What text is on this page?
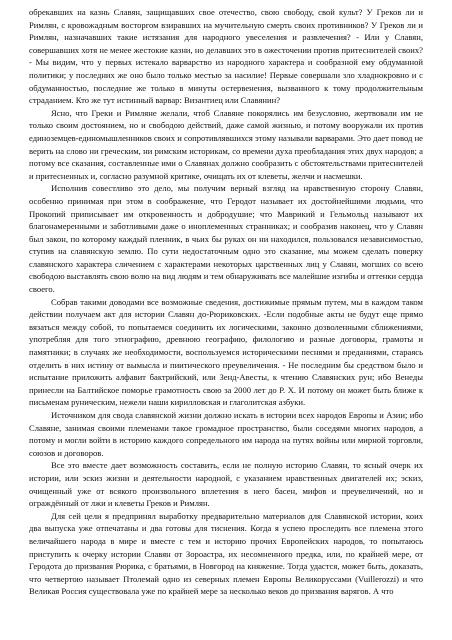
обрекавших на казнь Славян, защищавших свое отечество, свою свободу, свой культ? У Греков ли и Римлян, с кровожадным восторгом взиравших на мучительную смерть своих противников? У Греков ли и Римлян, назначавших такие истязания для народного увеселения и развлечения? - Или у Славян, совершавших хотя не менее жестокие казни, но делавших это в ожесточении против притеснителей своих? - Мы видим, что у первых истекало варварство из народного характера и сообразной ему обдуманной политики; у последних же оно было только местью за насилие! Первые совершали зло хладнокровно и с обдуманностью, последние же только в минуты остервенения, вызванного к тому продолжительным страданием. Кто же тут истинный варвар: Византиец или Славянин?

Ясно, что Греки и Римляне желали, чтоб Славяне покорялись им безусловно, жертвовали им не только своим достоянием, но и свободою действий, даже самой жизнью, и потому вооружали их против единоземцев-единомышленников своих и сопротивлявшихся этому называли варварами. Это дает повод не верить на слово ни греческим, ни римским историкам, со времени духа преобладания этих двух народов; а потому все сказания, составленные ими о Славянах должно сообразить с обстоятельствами притеснителей и притесненных и, согласно разумной критике, очищать их от клеветы, желчи и насмешки.

Исполнив совестливо это дело, мы получим верный взгляд на нравственную сторону Славян, особенно принимая при этом в соображение, что Геродот называет их достойнейшими людьми, что Прокопий приписывает им откровенность и добродушие; что Маврикий и Гельмольд называют их благонамеренными и заботливыми даже о иноплеменных странниках; и сообразив наконец, что у Славян был закон, по которому каждый пленник, в чьих бы руках он ни находился, пользовался независимостью, ступив на славянскую землю. По сути недостаточным одно это сказание, мы можем сделать поверку славянского характера сличением с характерами некоторых царственных лиц у Славян, могших со всею свободою выставлять свою волю на вид людям и тем обнаруживать все малейшие изгибы и оттенки сердца своего.

Собрав такими доводами все возможные сведения, достижимые прямым путем, мы в каждом таком действии получаем акт для истории Славян до-Рюриковских. -Если подобные акты не будут еще прямо вязаться между собой, то попытаемся соединить их логическими, законно дозволенными сближениями, употребляя для того этнографию, древнюю географию, филологию и разные договоры, грамоты и памятники; в случаях же необходимости, воспользуемся историческими песнями и преданиями, стараясь отделить в них истину от вымысла и пиитического преувеличения. - Не последним бы средством было и испытание приложить алфавит бактрийский, или Зенд-Авесты, к чтению Славянских рун; ибо Венеды принесли на Балтийское поморье грамотность свою за 2000 лет до Р. Х. И потому он может быть ближе к письменам руническим, нежели наши кирилловская и глаголитская азбуки.

Источником для свода славянской жизни должно искать в истории всех народов Европы и Азии; ибо Славяне, занимая своими племенами такое громадное пространство, были соседями многих народов, а потому и могли войти в историю каждого сопредельного им народа на путях войны или мирной торговли, союзов и договоров.

Все это вместе дает возможность составить, если не полную историю Славян, то ясный очерк их истории, или эскиз жизни и деятельности народной, с указанием нравственных двигателей их; эскиз, очищенный уже от всякого произвольного вплетения в него басен, мифов и преувеличений, но и ограждённый от лжи и клеветы Греков и Римлян.

Для сей цели я предпринял выработку предварительно материалов для Славянской истории, коих два выпуска уже отпечатаны и два готовы для тиснения. Когда я успею проследить все племена этого величайшего народа в мире и вместе с тем и историю прочих Европейских народов, то попытаюсь приступить к очерку истории Славян от Зороастра, их несомненного предка, или, по крайней мере, от Геродота до призвания Рюрика, с братьями, в Новгород на княжение. Тогда удастся, может быть, доказать, что четвертою называет Птолемай одно из северных племен Европы Великоруссами (Vuillerozzi) и что Великая Россия существовала уже по крайней мере за несколько веков до призвания варягов. А что
